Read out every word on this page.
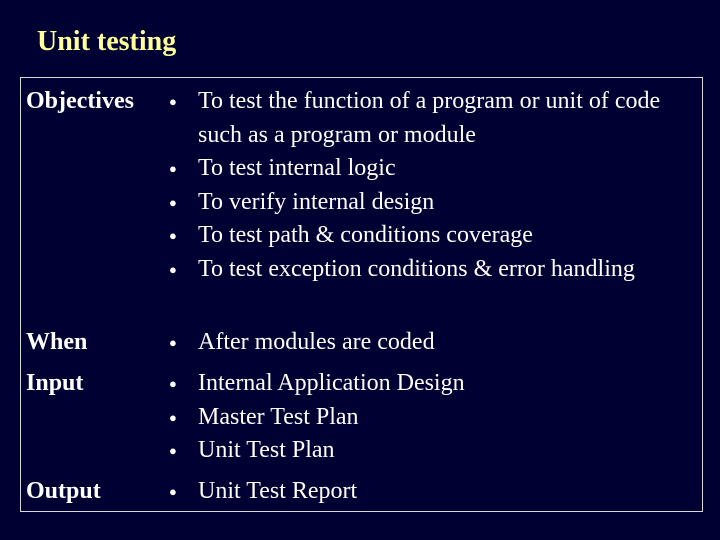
Unit testing
Objectives	● To test the function of a program or unit of code such as a program or module
● To test internal logic
● To verify internal design
● To test path & conditions coverage
● To test exception conditions & error handling
When	● After modules are coded
Input	● Internal Application Design
● Master Test Plan
● Unit Test Plan
Output	● Unit Test Report
